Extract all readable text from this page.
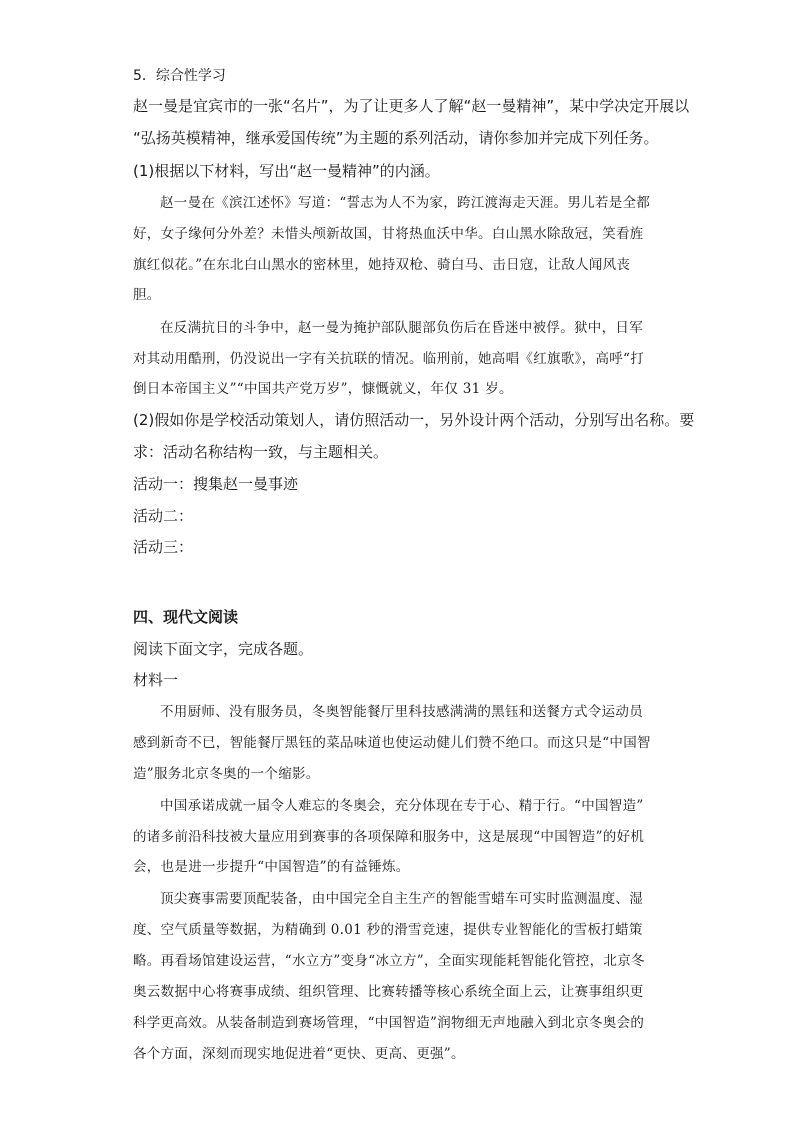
5．综合性学习
赵一曼是宜宾市的一张“名片”，为了让更多人了解“赵一曼精神”，某中学决定开展以
“弘扬英模精神，继承爱国传统”为主题的系列活动，请你参加并完成下列任务。
(1)根据以下材料，写出“赵一曼精神”的内涵。
赵一曼在《滨江述怀》写道：“誓志为人不为家，跨江渡海走天涯。男儿若是全都
好，女子缘何分外差？未惜头颅新故国，甘将热血沃中华。白山黑水除敌冠，笑看旌
旗红似花。”在东北白山黑水的密林里，她持双枪、骑白马、击日寇，让敌人闻风丧
胆。
在反满抗日的斗争中，赵一曼为掩护部队腿部负伤后在昏迷中被俘。狱中，日军
对其动用酷刑，仍没说出一字有关抗联的情况。临刑前，她高唱《红旗歌》，高呼“打
倒日本帝国主义”“中国共产党万岁”，慷慨就义，年仅 31 岁。
(2)假如你是学校活动策划人，请仿照活动一，另外设计两个活动，分别写出名称。要
求：活动名称结构一致，与主题相关。
活动一：搜集赵一曼事迹
活动二：
活动三：
四、现代文阅读
阅读下面文字，完成各题。
材料一
不用厨师、没有服务员，冬奥智能餐厅里科技感满满的黑钰和送餐方式令运动员
感到新奇不已，智能餐厅黑钰的菜品味道也使运动健儿们赞不绝口。而这只是“中国智
造”服务北京冬奥的一个缩影。
中国承诺成就一届令人难忘的冬奥会，充分体现在专于心、精于行。“中国智造”
的诸多前沿科技被大量应用到赛事的各项保障和服务中，这是展现“中国智造”的好机
会，也是进一步提升“中国智造”的有益锤炼。
顶尖赛事需要顶配装备，由中国完全自主生产的智能雪蜡车可实时监测温度、湿
度、空气质量等数据，为精确到 0.01 秒的滑雪竞速，提供专业智能化的雪板打蜡策
略。再看场馆建设运营，“水立方”变身“冰立方”，全面实现能耗智能化管控，北京冬
奥云数据中心将赛事成绩、组织管理、比赛转播等核心系统全面上云，让赛事组织更
科学更高效。从装备制造到赛场管理，“中国智造”润物细无声地融入到北京冬奥会的
各个方面，深刻而现实地促进着“更快、更高、更强”。
